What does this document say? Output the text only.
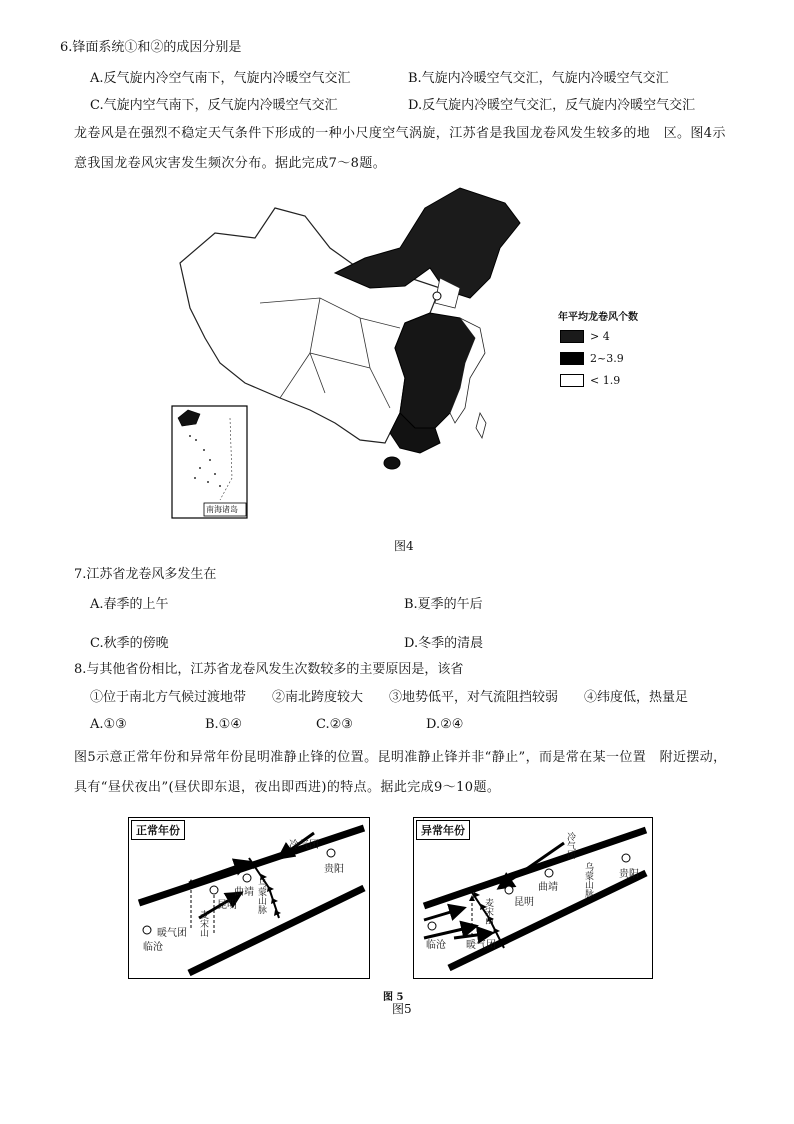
6.锋面系统①和②的成因分别是
A.反气旋内冷空气南下，气旋内冷暖空气交汇	B.气旋内冷暖空气交汇，气旋内冷暖空气交汇
C.气旋内空气南下，反气旋内冷暖空气交汇	D.反气旋内冷暖空气交汇，反气旋内冷暖空气交汇
龙卷风是在强烈不稳定天气条件下形成的一种小尺度空气涡旋，江苏省是我国龙卷风发生较多的地　区。图4示意我国龙卷风灾害发生频次分布。据此完成7～8题。
南海诸岛
年平均龙卷风个数
> 4
2~3.9
< 1.9
图4
7.江苏省龙卷风多发生在
A.春季的上午	B.夏季的午后
C.秋季的傍晚	D.冬季的清晨
8.与其他省份相比，江苏省龙卷风发生次数较多的主要原因是，该省
①位于南北方气候过渡地带　　②南北跨度较大　　③地势低平，对气流阻挡较弱　　④纬度低，热量足
A.①③	B.①④	C.②③	D.②④
图5示意正常年份和异常年份昆明准静止锋的位置。昆明准静止锋并非“静止”，而是常在某一位置　附近摆动，具有“昼伏夜出”(昼伏即东退，夜出即西进)的特点。据此完成9～10题。
正常年份
冷气团
贵阳
曲靖
昆明
暖气团
临沧
乌蒙山脉
麦宋山
异常年份
冷气团
贵阳
曲靖
昆明
暖气团
临沧
乌蒙山脉
麦宋山
图 5
图5
